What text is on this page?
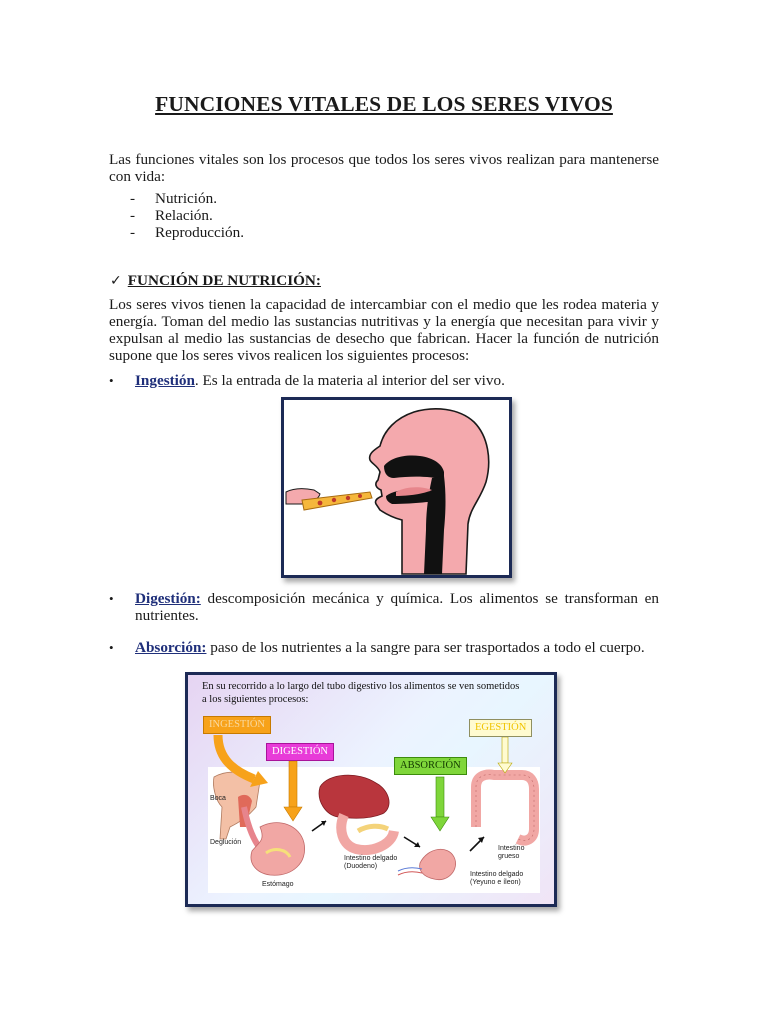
FUNCIONES VITALES DE LOS SERES VIVOS
Las funciones vitales son los procesos que todos los seres vivos realizan para mantenerse con vida:
-	Nutrición.
-	Relación.
-	Reproducción.
✓ FUNCIÓN DE NUTRICIÓN:
Los seres vivos tienen la capacidad de intercambiar con el medio que les rodea materia y energía. Toman del medio las sustancias nutritivas y la energía que necesitan para vivir y expulsan al medio las sustancias de desecho que fabrican. Hacer la función de nutrición supone que los seres vivos realicen los siguientes procesos:
•	Ingestión. Es la entrada de la materia al interior del ser vivo.
•	Digestión: descomposición mecánica y química. Los alimentos se transforman en nutrientes.
•	Absorción: paso de los nutrientes a la sangre para ser trasportados a todo el cuerpo.
En su recorrido a lo largo del tubo digestivo los alimentos se ven sometidos a los siguientes procesos:
Boca
Deglución
Estómago
Intestino delgado
(Duodeno)
Intestino
grueso
Intestino delgado
(Yeyuno e íleon)
INGESTIÓN
DIGESTIÓN
ABSORCIÓN
EGESTIÓN
